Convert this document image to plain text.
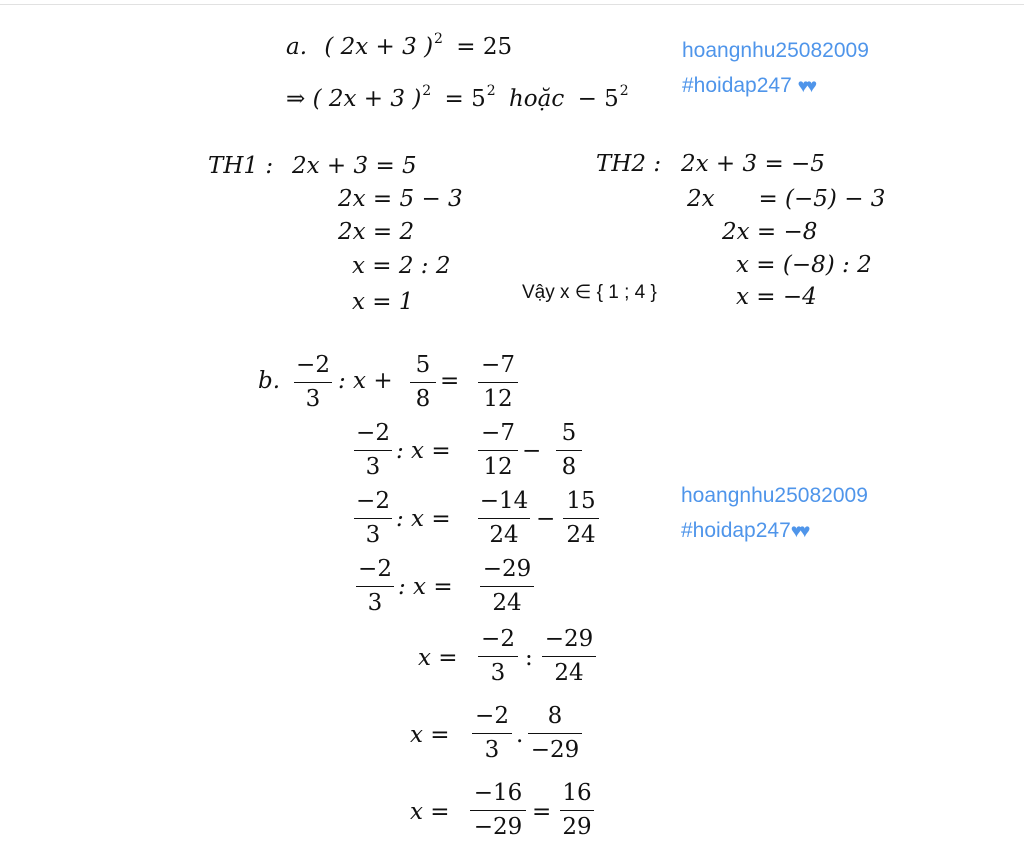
a. ( 2x + 3 )$^2$ = 25
⇒ ( 2x + 3 )$^2 = 5^2$ hoặc − $5^2$
hoangnhu25082009
#hoidap247 ♥♥
TH1 : 2x + 3 = 5
2x = 5 − 3
2x = 2
x = 2 : 2
x = 1
TH2 : 2x + 3 = −5
2x      = (−5) − 3
2x = −8
x = (−8) : 2
x = −4
Vậy x ∈ { 1 ; 4 }
b.
−2
3
: x +
5
8
=
−7
12
−2
3
: x =
−7
12
−
5
8
−2
3
: x =
−14
24
−
15
24
hoangnhu25082009
#hoidap247♥♥
−2
3
: x =
−29
24
x =
−2
3
:
−29
24
x =
−2
3
.
8
−29
x =
−16
−29
=
16
29
